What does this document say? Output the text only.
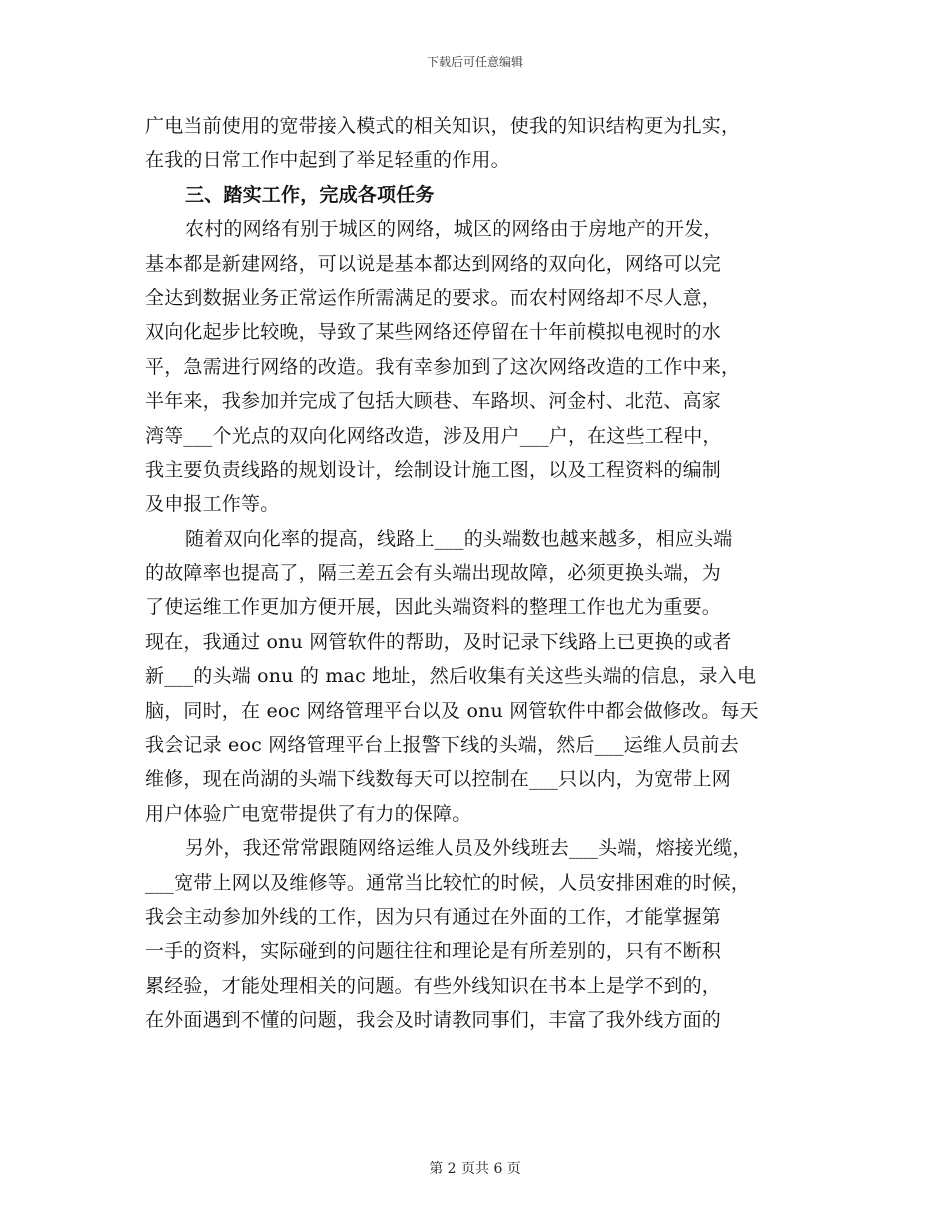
下载后可任意编辑
广电当前使用的宽带接入模式的相关知识，使我的知识结构更为扎实，
在我的日常工作中起到了举足轻重的作用。
三、踏实工作，完成各项任务
农村的网络有别于城区的网络，城区的网络由于房地产的开发，
基本都是新建网络，可以说是基本都达到网络的双向化，网络可以完
全达到数据业务正常运作所需满足的要求。而农村网络却不尽人意，
双向化起步比较晚，导致了某些网络还停留在十年前模拟电视时的水
平，急需进行网络的改造。我有幸参加到了这次网络改造的工作中来，
半年来，我参加并完成了包括大顾巷、车路坝、河金村、北范、高家
湾等___个光点的双向化网络改造，涉及用户___户，在这些工程中，
我主要负责线路的规划设计，绘制设计施工图，以及工程资料的编制
及申报工作等。
随着双向化率的提高，线路上___的头端数也越来越多，相应头端
的故障率也提高了，隔三差五会有头端出现故障，必须更换头端，为
了使运维工作更加方便开展，因此头端资料的整理工作也尤为重要。
现在，我通过 onu 网管软件的帮助，及时记录下线路上已更换的或者
新___的头端 onu 的 mac 地址，然后收集有关这些头端的信息，录入电
脑，同时，在 eoc 网络管理平台以及 onu 网管软件中都会做修改。每天
我会记录 eoc 网络管理平台上报警下线的头端，然后___运维人员前去
维修，现在尚湖的头端下线数每天可以控制在___只以内，为宽带上网
用户体验广电宽带提供了有力的保障。
另外，我还常常跟随网络运维人员及外线班去___头端，熔接光缆，
___宽带上网以及维修等。通常当比较忙的时候，人员安排困难的时候，
我会主动参加外线的工作，因为只有通过在外面的工作，才能掌握第
一手的资料，实际碰到的问题往往和理论是有所差别的，只有不断积
累经验，才能处理相关的问题。有些外线知识在书本上是学不到的，
在外面遇到不懂的问题，我会及时请教同事们，丰富了我外线方面的
第 2 页共 6 页
